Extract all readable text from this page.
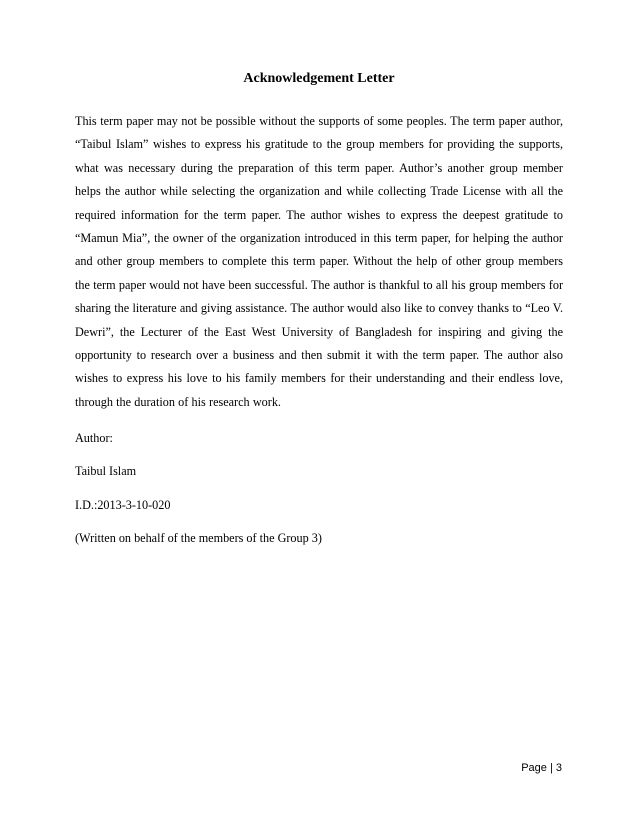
Acknowledgement Letter

This term paper may not be possible without the supports of some peoples. The term paper author, “Taibul Islam” wishes to express his gratitude to the group members for providing the supports, what was necessary during the preparation of this term paper. Author’s another group member helps the author while selecting the organization and while collecting Trade License with all the required information for the term paper. The author wishes to express the deepest gratitude to “Mamun Mia”, the owner of the organization introduced in this term paper, for helping the author and other group members to complete this term paper. Without the help of other group members the term paper would not have been successful. The author is thankful to all his group members for sharing the literature and giving assistance. The author would also like to convey thanks to “Leo V. Dewri”, the Lecturer of the East West University of Bangladesh for inspiring and giving the opportunity to research over a business and then submit it with the term paper. The author also wishes to express his love to his family members for their understanding and their endless love, through the duration of his research work.

Author:
Taibul Islam
I.D.:2013-3-10-020
(Written on behalf of the members of the Group 3)
Page | 3
